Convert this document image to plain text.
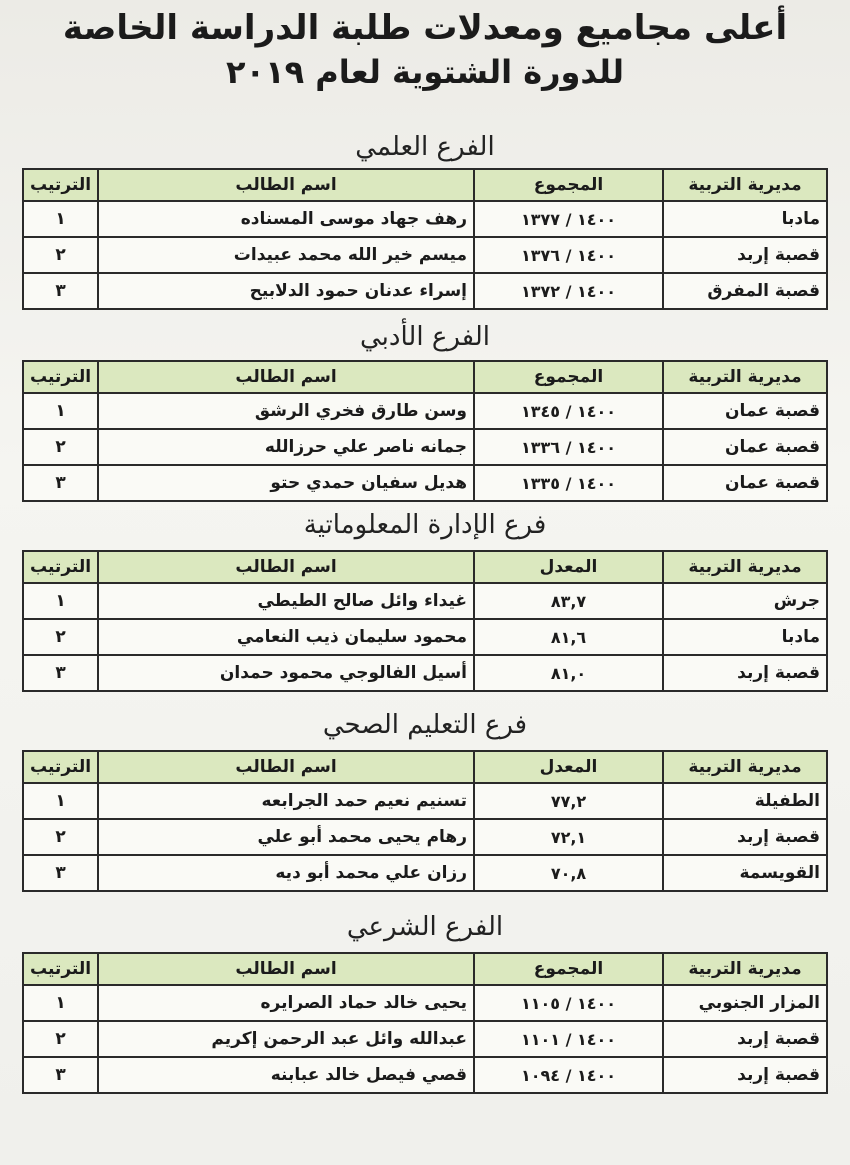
أعلى مجاميع ومعدلات طلبة الدراسة الخاصة
للدورة الشتوية لعام ٢٠١٩
الفرع العلمي
مديرية التربية	المجموع	اسم الطالب	الترتيب
مادبا	١٤٠٠ / ١٣٧٧	رهف جهاد موسى المسناده	١
قصبة إربد	١٤٠٠ / ١٣٧٦	ميسم خير الله محمد عبيدات	٢
قصبة المفرق	١٤٠٠ / ١٣٧٢	إسراء عدنان حمود الدلابيح	٣
الفرع الأدبي
مديرية التربية	المجموع	اسم الطالب	الترتيب
قصبة عمان	١٤٠٠ / ١٣٤٥	وسن طارق فخري الرشق	١
قصبة عمان	١٤٠٠ / ١٣٣٦	جمانه ناصر علي حرزالله	٢
قصبة عمان	١٤٠٠ / ١٣٣٥	هديل سفيان حمدي حتو	٣
فرع الإدارة المعلوماتية
مديرية التربية	المعدل	اسم الطالب	الترتيب
جرش	٨٣,٧	غيداء وائل صالح الطيطي	١
مادبا	٨١,٦	محمود سليمان ذيب النعامي	٢
قصبة إربد	٨١,٠	أسيل الفالوجي محمود حمدان	٣
فرع التعليم الصحي
مديرية التربية	المعدل	اسم الطالب	الترتيب
الطفيلة	٧٧,٢	تسنيم نعيم حمد الجرابعه	١
قصبة إربد	٧٢,١	رهام يحيى محمد أبو علي	٢
القويسمة	٧٠,٨	رزان علي محمد أبو ديه	٣
الفرع الشرعي
مديرية التربية	المجموع	اسم الطالب	الترتيب
المزار الجنوبي	١٤٠٠ / ١١٠٥	يحيى خالد حماد الصرايره	١
قصبة إربد	١٤٠٠ / ١١٠١	عبدالله وائل عبد الرحمن إكريم	٢
قصبة إربد	١٤٠٠ / ١٠٩٤	قصي فيصل خالد عبابنه	٣
